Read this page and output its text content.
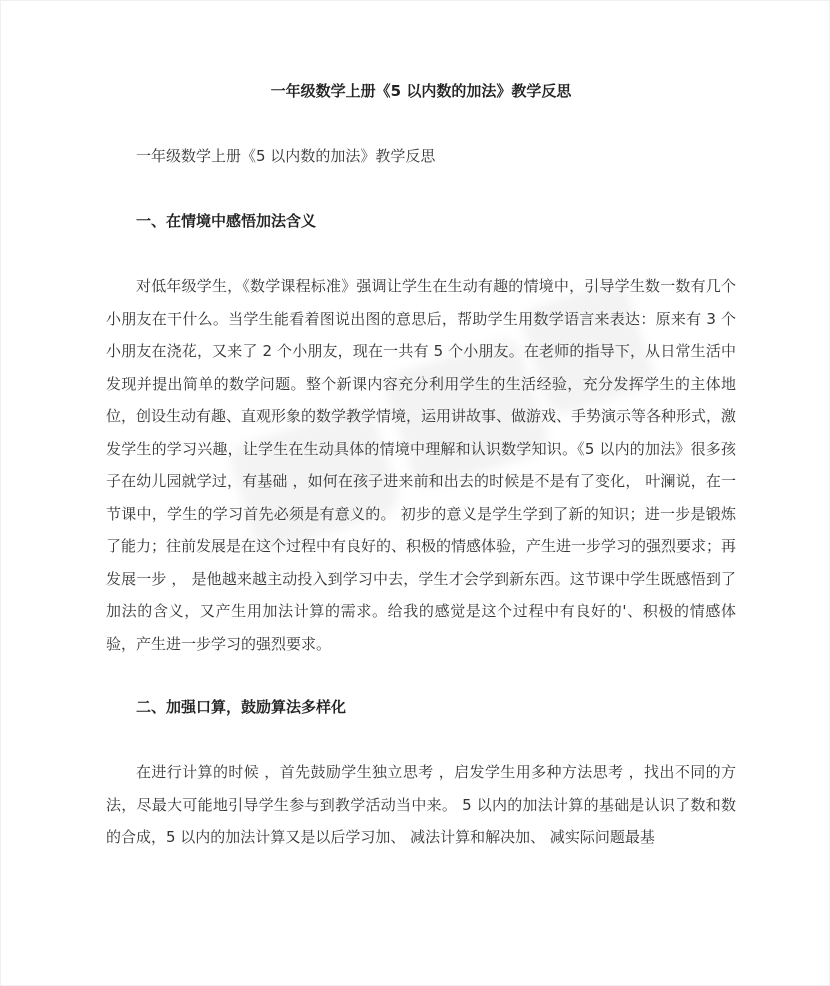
一年级数学上册《5 以内数的加法》教学反思

一年级数学上册《5 以内数的加法》教学反思

一、在情境中感悟加法含义

对低年级学生，《数学课程标准》强调让学生在生动有趣的情境中，引导学生数一数有几个小朋友在干什么。当学生能看着图说出图的意思后，帮助学生用数学语言来表达：原来有 3 个小朋友在浇花，又来了 2 个小朋友，现在一共有 5 个小朋友。在老师的指导下，从日常生活中发现并提出简单的数学问题。整个新课内容充分利用学生的生活经验，充分发挥学生的主体地位，创设生动有趣、直观形象的数学教学情境，运用讲故事、做游戏、手势演示等各种形式，激发学生的学习兴趣，让学生在生动具体的情境中理解和认识数学知识。《5 以内的加法》很多孩子在幼儿园就学过，有基础 ，如何在孩子进来前和出去的时候是不是有了变化， 叶澜说，在一节课中，学生的学习首先必须是有意义的。 初步的意义是学生学到了新的知识；进一步是锻炼了能力；往前发展是在这个过程中有良好的、积极的情感体验，产生进一步学习的强烈要求；再发展一步 ， 是他越来越主动投入到学习中去，学生才会学到新东西。这节课中学生既感悟到了加法的含义，又产生用加法计算的需求。给我的感觉是这个过程中有良好的'、积极的情感体验，产生进一步学习的强烈要求。

二、加强口算，鼓励算法多样化

在进行计算的时候 ，首先鼓励学生独立思考 ，启发学生用多种方法思考 ，找出不同的方法，尽最大可能地引导学生参与到教学活动当中来。 5 以内的加法计算的基础是认识了数和数的合成，5 以内的加法计算又是以后学习加、 减法计算和解决加、 减实际问题最基
